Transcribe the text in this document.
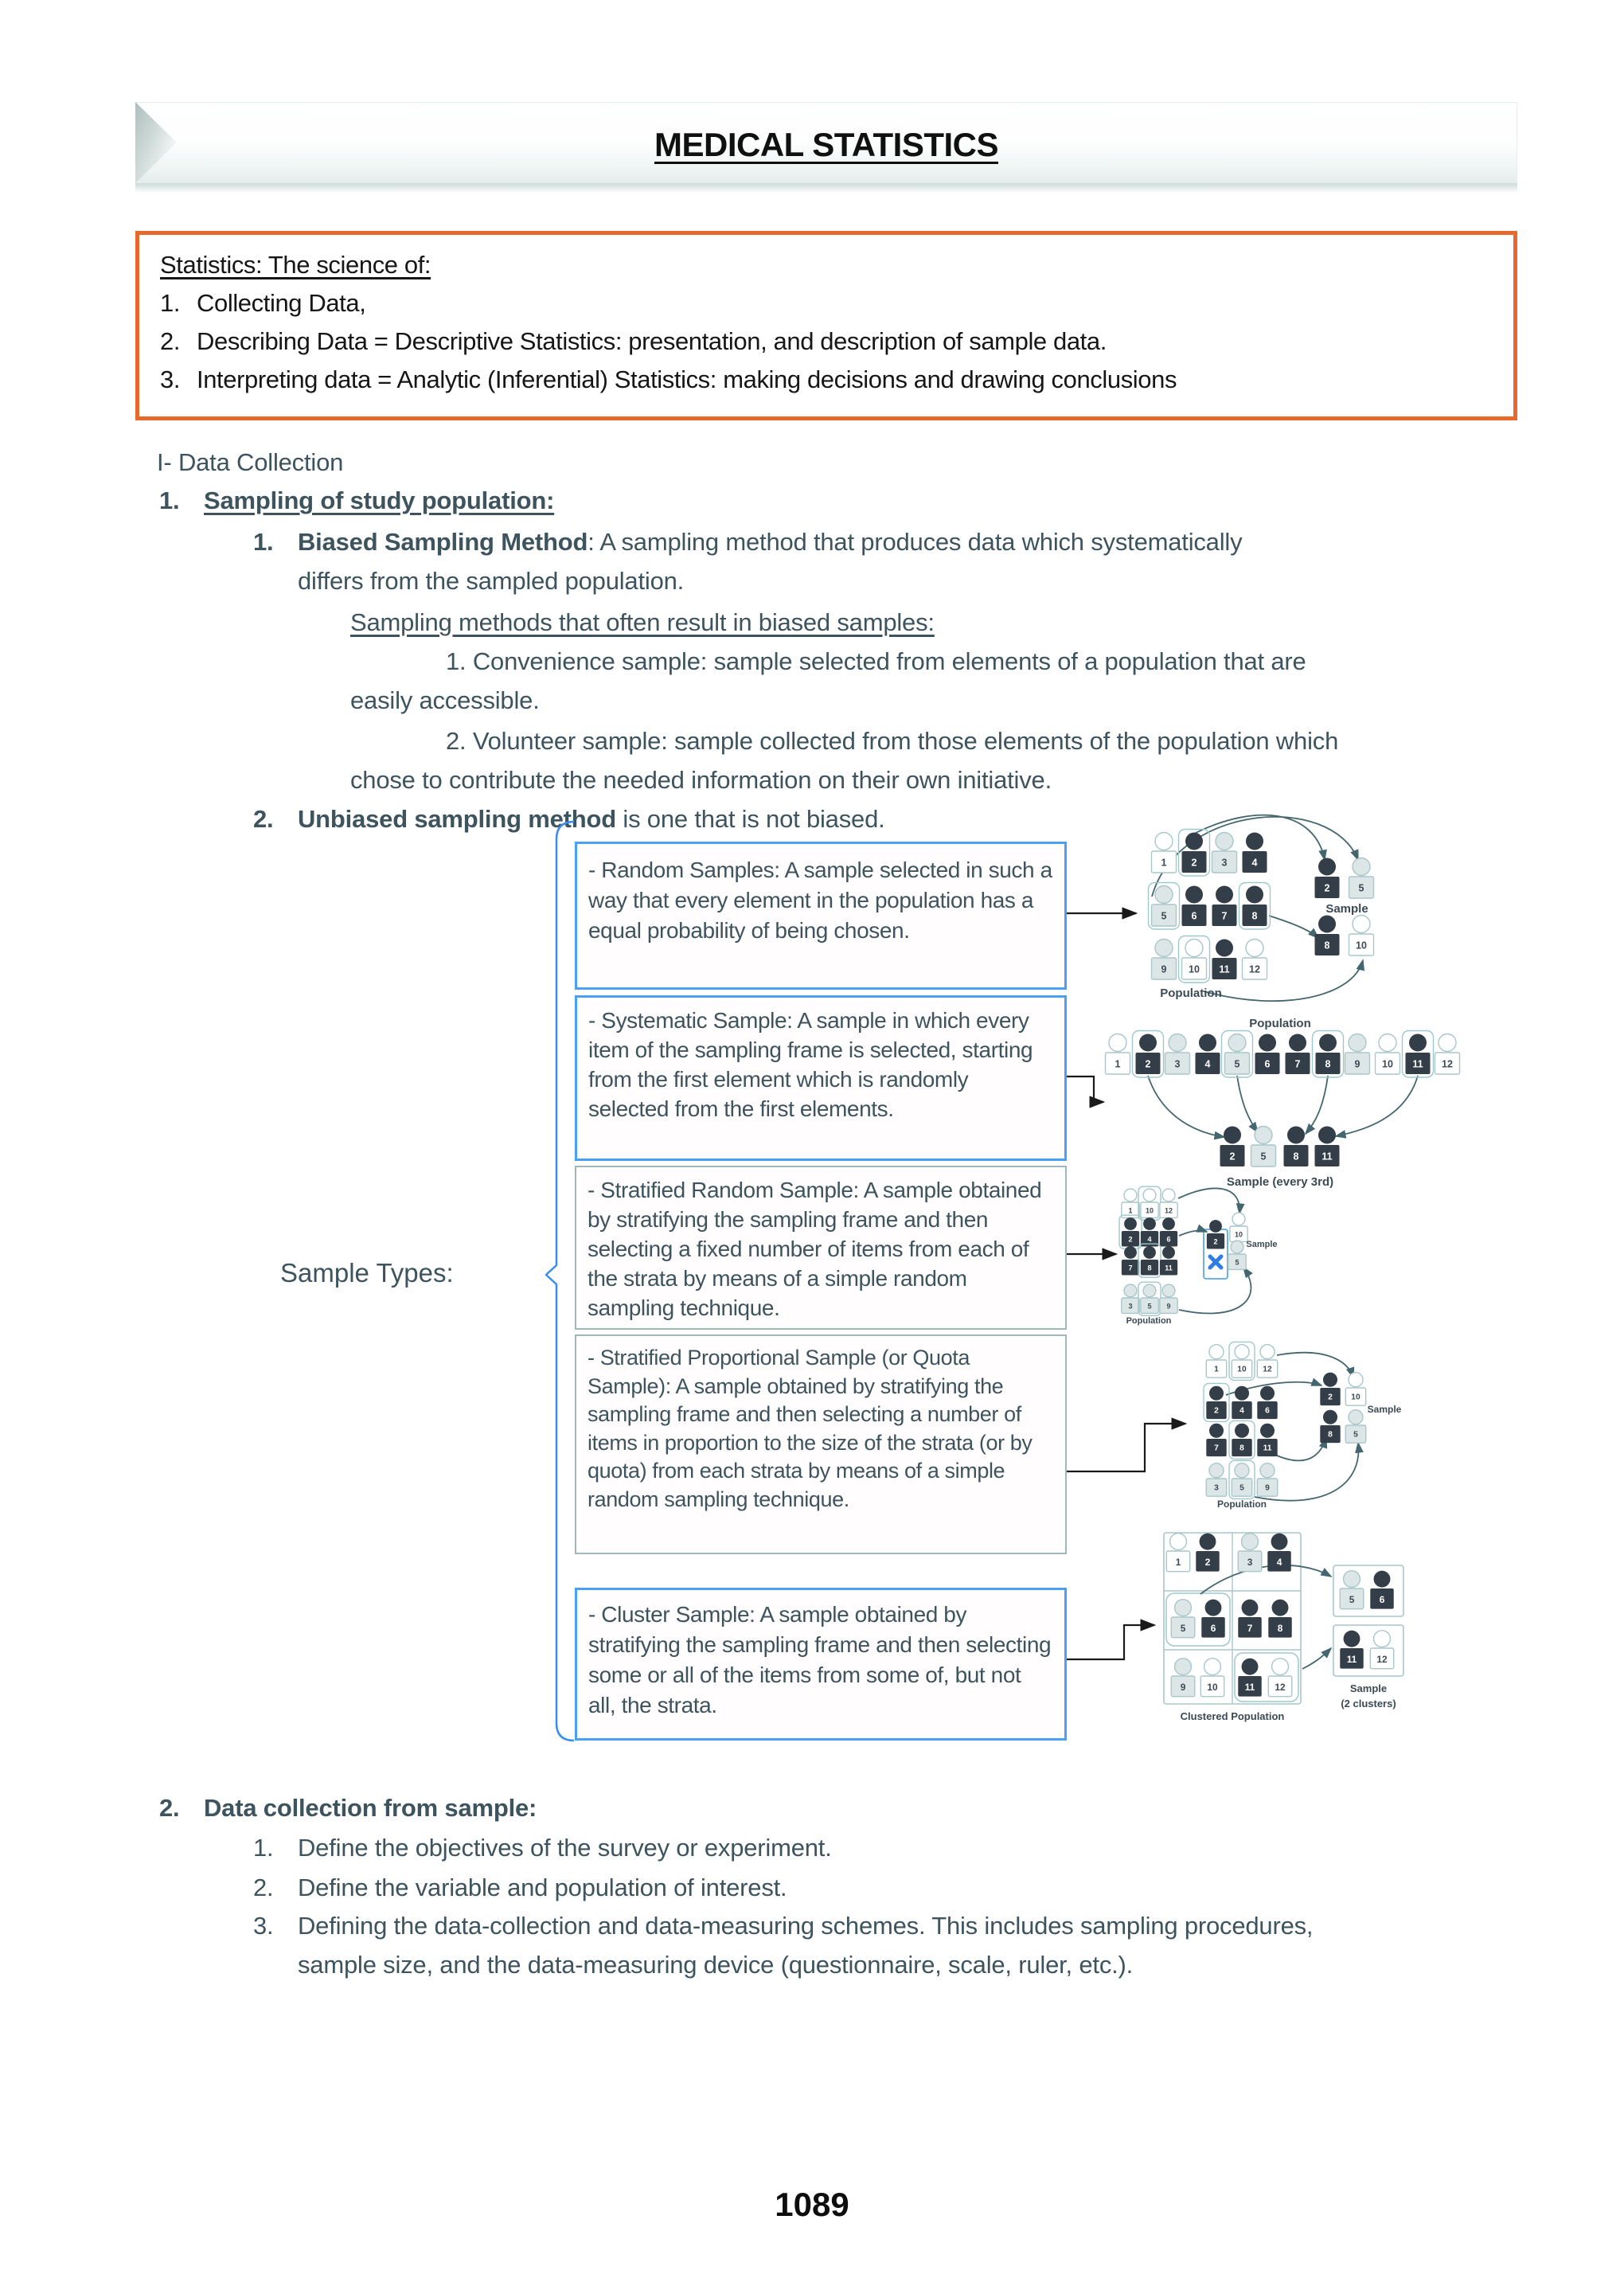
MEDICAL STATISTICS
Statistics: The science of:
1. Collecting Data,
2. Describing Data = Descriptive Statistics: presentation, and description of sample data.
3. Interpreting data = Analytic (Inferential) Statistics: making decisions and drawing conclusions
I- Data Collection
1. Sampling of study population:
1. Biased Sampling Method: A sampling method that produces data which systematically differs from the sampled population.
Sampling methods that often result in biased samples:
1. Convenience sample: sample selected from elements of a population that are easily accessible.
2. Volunteer sample: sample collected from those elements of the population which chose to contribute the needed information on their own initiative.
2. Unbiased sampling method is one that is not biased.
Sample Types:
- Random Samples: A sample selected in such a way that every element in the population has a equal probability of being chosen.
- Systematic Sample: A sample in which every item of the sampling frame is selected, starting from the first element which is randomly selected from the first elements.
- Stratified Random Sample: A sample obtained by stratifying the sampling frame and then selecting a fixed number of items from each of the strata by means of a simple random sampling technique.
- Stratified Proportional Sample (or Quota Sample): A sample obtained by stratifying the sampling frame and then selecting a number of items in proportion to the size of the strata (or by quota) from each strata by means of a simple random sampling technique.
- Cluster Sample: A sample obtained by stratifying the sampling frame and then selecting some or all of the items from some of, but not all, the strata.
1 2 3 4
5 6 7 8
9 10 11 12
2	5
8	10
Sample
Population
1 2 3 4 5 6 7 8 9 10 11 12
2	5	8 11
Population
Sample (every 3rd)
1 10 12
2 4 6
7 8 11
3 5 9
2
10
5
Sample
Population
1 10 12
2	4	6
7	8 11
3	5	9
2 10
8	5
Sample
Population
1	2	3	4
5	6	7	8
9 10	11 12
5	6
11 12
Clustered Population
Sample
(2 clusters)
2. Data collection from sample:
1. Define the objectives of the survey or experiment.
2. Define the variable and population of interest.
3. Defining the data-collection and data-measuring schemes. This includes sampling procedures, sample size, and the data-measuring device (questionnaire, scale, ruler, etc.).
1089
